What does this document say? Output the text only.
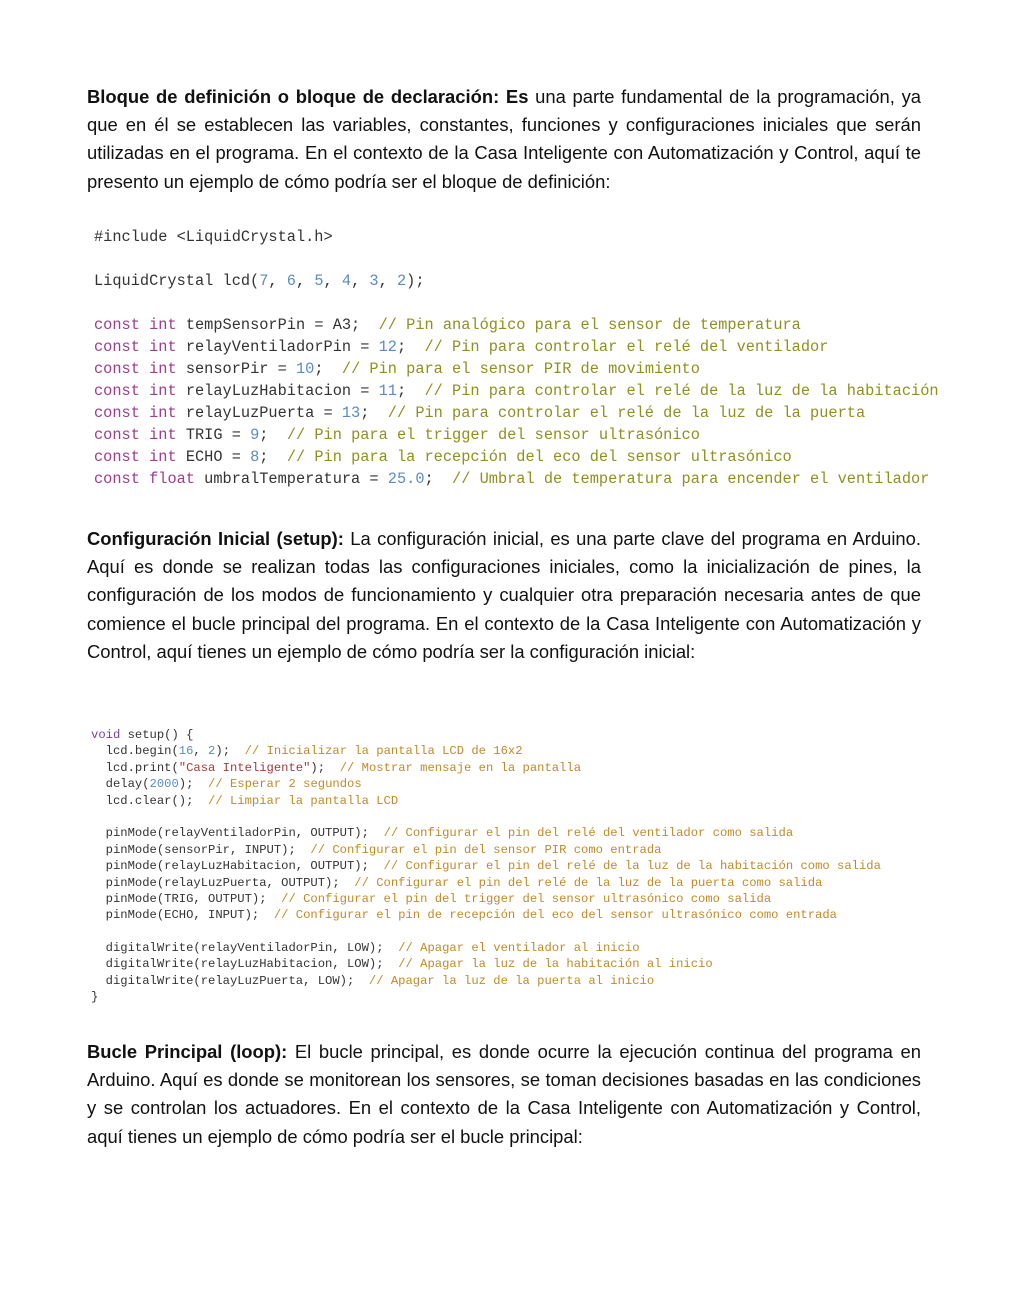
Bloque de definición o bloque de declaración: Es una parte fundamental de la programación, ya que en él se establecen las variables, constantes, funciones y configuraciones iniciales que serán utilizadas en el programa. En el contexto de la Casa Inteligente con Automatización y Control, aquí te presento un ejemplo de cómo podría ser el bloque de definición:

#include <LiquidCrystal.h>

LiquidCrystal lcd(7, 6, 5, 4, 3, 2);

const int tempSensorPin = A3;  // Pin analógico para el sensor de temperatura
const int relayVentiladorPin = 12;  // Pin para controlar el relé del ventilador
const int sensorPir = 10;  // Pin para el sensor PIR de movimiento
const int relayLuzHabitacion = 11;  // Pin para controlar el relé de la luz de la habitación
const int relayLuzPuerta = 13;  // Pin para controlar el relé de la luz de la puerta
const int TRIG = 9;  // Pin para el trigger del sensor ultrasónico
const int ECHO = 8;  // Pin para la recepción del eco del sensor ultrasónico
const float umbralTemperatura = 25.0;  // Umbral de temperatura para encender el ventilador

Configuración Inicial (setup): La configuración inicial, es una parte clave del programa en Arduino. Aquí es donde se realizan todas las configuraciones iniciales, como la inicialización de pines, la configuración de los modos de funcionamiento y cualquier otra preparación necesaria antes de que comience el bucle principal del programa. En el contexto de la Casa Inteligente con Automatización y Control, aquí tienes un ejemplo de cómo podría ser la configuración inicial:

void setup() {
lcd.begin(16, 2);  // Inicializar la pantalla LCD de 16x2
lcd.print("Casa Inteligente");  // Mostrar mensaje en la pantalla
delay(2000);  // Esperar 2 segundos
lcd.clear();  // Limpiar la pantalla LCD

pinMode(relayVentiladorPin, OUTPUT);  // Configurar el pin del relé del ventilador como salida
pinMode(sensorPir, INPUT);  // Configurar el pin del sensor PIR como entrada
pinMode(relayLuzHabitacion, OUTPUT);  // Configurar el pin del relé de la luz de la habitación como salida
pinMode(relayLuzPuerta, OUTPUT);  // Configurar el pin del relé de la luz de la puerta como salida
pinMode(TRIG, OUTPUT);  // Configurar el pin del trigger del sensor ultrasónico como salida
pinMode(ECHO, INPUT);  // Configurar el pin de recepción del eco del sensor ultrasónico como entrada

digitalWrite(relayVentiladorPin, LOW);  // Apagar el ventilador al inicio
digitalWrite(relayLuzHabitacion, LOW);  // Apagar la luz de la habitación al inicio
digitalWrite(relayLuzPuerta, LOW);  // Apagar la luz de la puerta al inicio
}

Bucle Principal (loop): El bucle principal, es donde ocurre la ejecución continua del programa en Arduino. Aquí es donde se monitorean los sensores, se toman decisiones basadas en las condiciones y se controlan los actuadores. En el contexto de la Casa Inteligente con Automatización y Control, aquí tienes un ejemplo de cómo podría ser el bucle principal:
